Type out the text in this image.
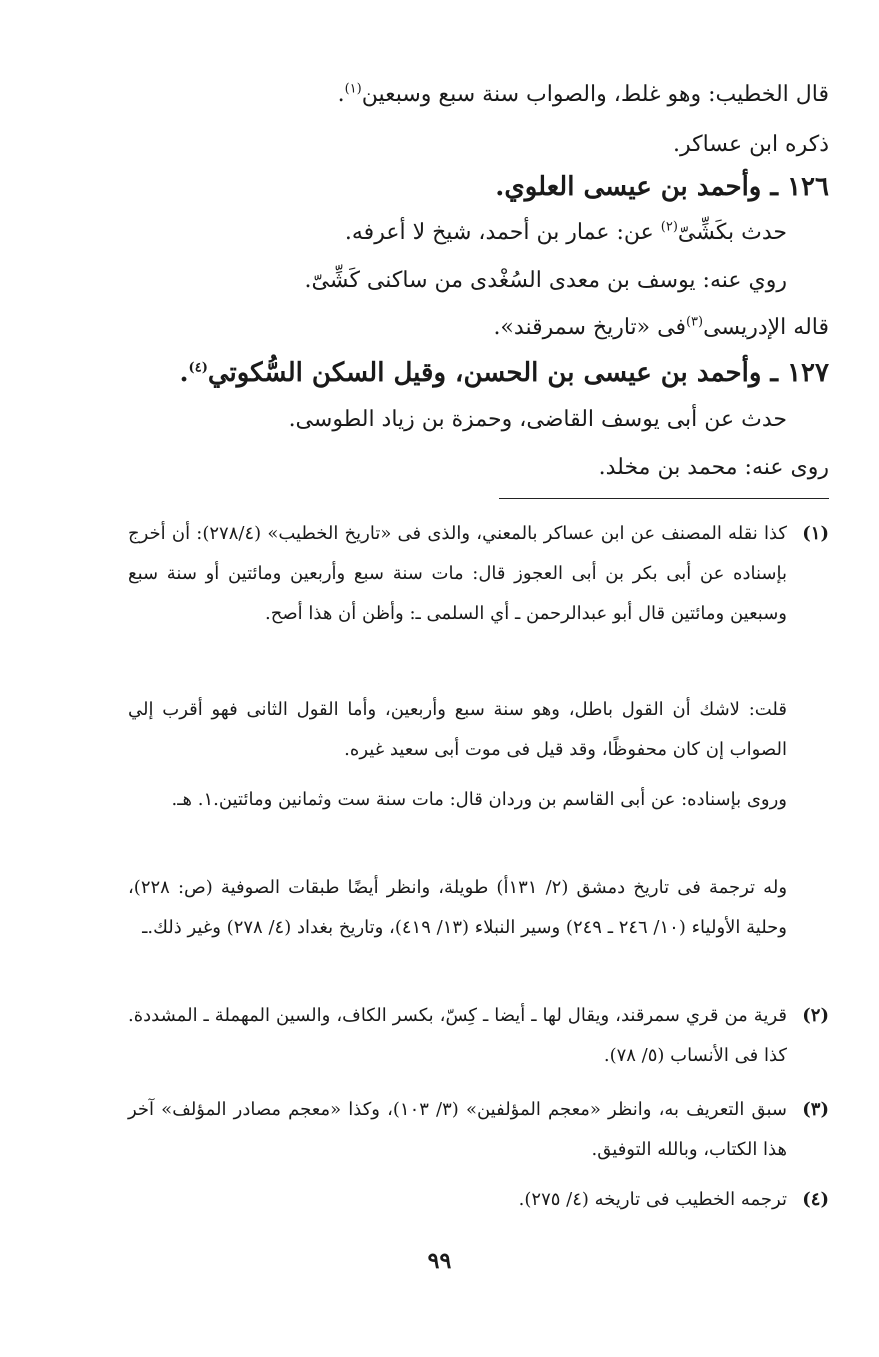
قال الخطيب: وهو غلط، والصواب سنة سبع وسبعين$^{(١)}$.
ذكره ابن عساكر.
١٢٦ ـ وأحمد بن عيسى العلوي.
حدث بكَشِّىّ$^{(٢)}$ عن: عمار بن أحمد، شيخ لا أعرفه.
روي عنه: يوسف بن معدى السُغْدى من ساكنى كَشِّىّ.
قاله الإدريسى$^{(٣)}$فى «تاريخ سمرقند».
١٢٧ ـ وأحمد بن عيسى بن الحسن، وقيل السكن السُّكوتي$^{(٤)}$.
حدث عن أبى يوسف القاضى، وحمزة بن زياد الطوسى.
روى عنه: محمد بن مخلد.
(١)
كذا نقله المصنف عن ابن عساكر بالمعني، والذى فى «تاريخ الخطيب» (٢٧٨/٤): أن أخرج بإسناده عن أبى بكر بن أبى العجوز قال: مات سنة سبع وأربعين ومائتين أو سنة سبع وسبعين ومائتين قال أبو عبدالرحمن ـ أي السلمى ـ: وأظن أن هذا أصح.
قلت: لاشك أن القول باطل، وهو سنة سبع وأربعين، وأما القول الثانى فهو أقرب إلي الصواب إن كان محفوظًا، وقد قيل فى موت أبى سعيد غيره.
وروى بإسناده: عن أبى القاسم بن وردان قال: مات سنة ست وثمانين ومائتين.١. هـ.
وله ترجمة فى تاريخ دمشق (٢/ ١٣١أ) طويلة، وانظر أيضًا طبقات الصوفية (ص: ٢٢٨)، وحلية الأولياء (١٠/ ٢٤٦ ـ ٢٤٩) وسير النبلاء (١٣/ ٤١٩)، وتاريخ بغداد (٤/ ٢٧٨) وغير ذلك.ـ
(٢)
قرية من قري سمرقند، ويقال لها ـ أيضا ـ كِسّ، بكسر الكاف، والسين المهملة ـ المشددة. كذا فى الأنساب (٥/ ٧٨).
(٣)
سبق التعريف به، وانظر «معجم المؤلفين» (٣/ ١٠٣)، وكذا «معجم مصادر المؤلف» آخر هذا الكتاب، وبالله التوفيق.
(٤)
ترجمه الخطيب فى تاريخه (٤/ ٢٧٥).
٩٩
